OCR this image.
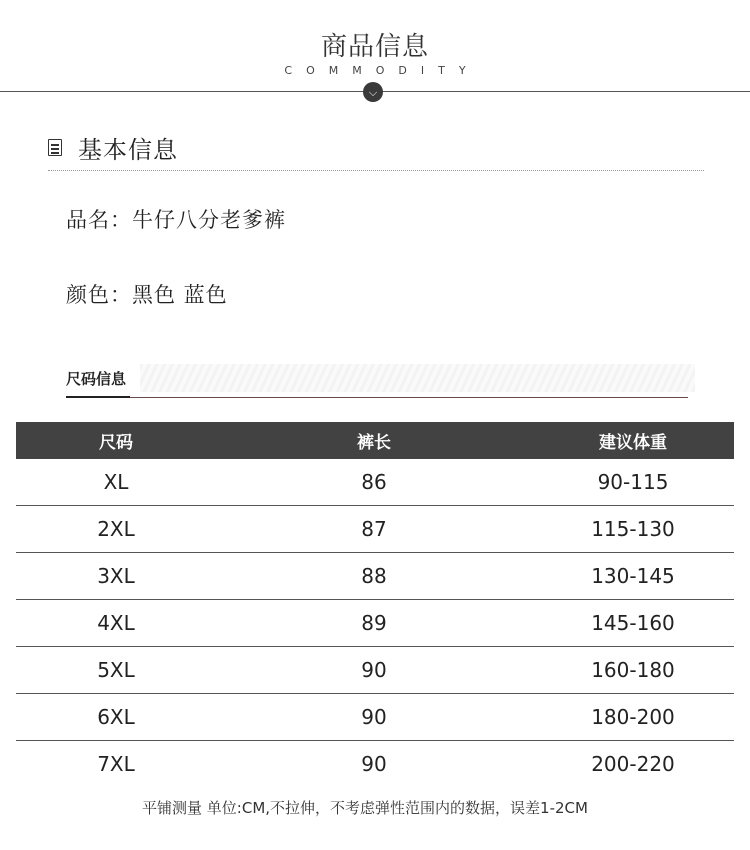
商品信息
COMMODITY
⌵
基本信息
品名：牛仔八分老爹裤
颜色：黑色 蓝色
尺码信息
尺码	裤长	建议体重
XL	86	90-115
2XL	87	115-130
3XL	88	130-145
4XL	89	145-160
5XL	90	160-180
6XL	90	180-200
7XL	90	200-220
平铺测量 单位:CM,不拉伸，不考虑弹性范围内的数据，误差1-2CM
